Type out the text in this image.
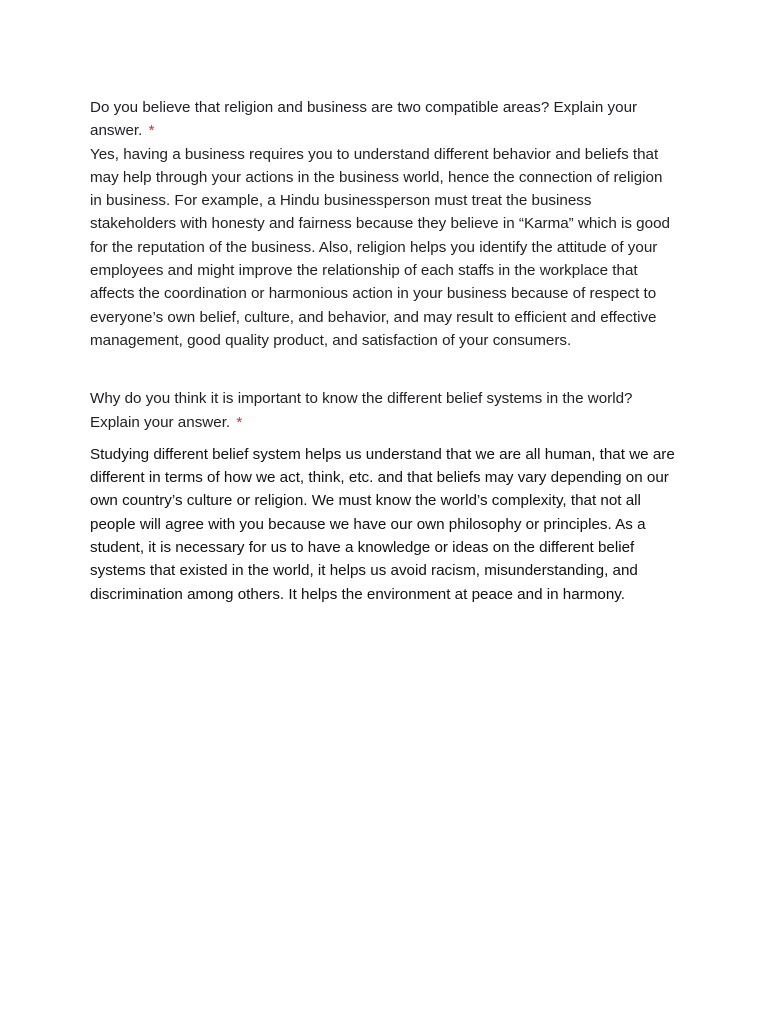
Do you believe that religion and business are two compatible areas? Explain your answer. *

Yes, having a business requires you to understand different behavior and beliefs that may help through your actions in the business world, hence the connection of religion in business. For example, a Hindu businessperson must treat the business stakeholders with honesty and fairness because they believe in “Karma” which is good for the reputation of the business. Also, religion helps you identify the attitude of your employees and might improve the relationship of each staffs in the workplace that affects the coordination or harmonious action in your business because of respect to everyone’s own belief, culture, and behavior, and may result to efficient and effective management, good quality product, and satisfaction of your consumers.

Why do you think it is important to know the different belief systems in the world? Explain your answer. *

Studying different belief system helps us understand that we are all human, that we are different in terms of how we act, think, etc. and that beliefs may vary depending on our own country’s culture or religion. We must know the world’s complexity, that not all people will agree with you because we have our own philosophy or principles. As a student, it is necessary for us to have a knowledge or ideas on the different belief systems that existed in the world, it helps us avoid racism, misunderstanding, and discrimination among others. It helps the environment at peace and in harmony.
